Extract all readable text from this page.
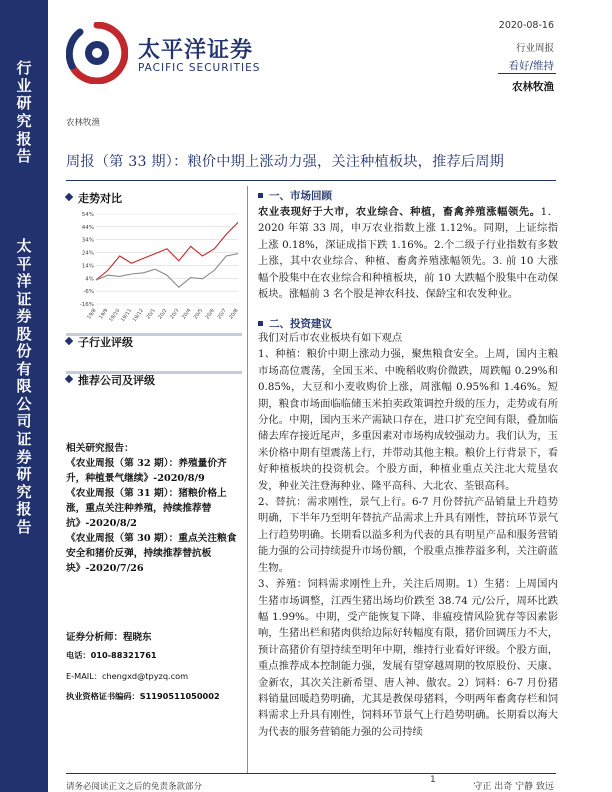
行
业
研
究
报
告
太
平
洋
证
券
股
份
有
限
公
司
证
券
研
究
报
告
太平洋证券
PACIFIC SECURITIES
2020-08-16
行业周报
看好/维持
农林牧渔
农林牧渔
周报（第 33 期）：粮价中期上涨动力强，关注种植板块，推荐后周期
走势对比
54%
44%
34%
24%
14%
4%
-6%
-16%
19/8 19/9
19/10
19/11
19/12 20/1 20/2 20/3 20/4 20/5 20/6 20/7 20/8
子行业评级
推荐公司及评级

相关研究报告：

《农业周报（第 32 期）：养殖量价齐升，种植景气继续》-2020/8/9

《农业周报（第 31 期）：猪粮价格上涨，重点关注种养殖，持续推荐替抗》-2020/8/2

《农业周报（第 30 期）：重点关注粮食安全和猪价反弹，持续推荐替抗板块》-2020/7/26

证券分析师：程晓东
电话：010-88321761
E-MAIL：chengxd@tpyzq.com
执业资格证书编码：S1190511050002
一、市场回顾

农业表现好于大市，农业综合、种植，畜禽养殖涨幅领先。1．2020 年第 33 周，申万农业指数上涨 1.12%。同期，上证综指上涨 0.18%，深证成指下跌 1.16%。2.个二级子行业指数有多数上涨，其中农业综合、种植、畜禽养殖涨幅领先。3. 前 10 大涨幅个股集中在农业综合和种植板块，前 10 大跌幅个股集中在动保板块。涨幅前 3 名个股是神农科技、保龄宝和农发种业。

二、投资建议

我们对后市农业板块有如下观点

1、种植：粮价中期上涨动力强，聚焦粮食安全。上周，国内主粮市场高位震荡，全国玉米、中晚稻收购价微跌，周跌幅 0.29%和 0.85%，大豆和小麦收购价上涨，周涨幅 0.95%和 1.46%。短期，粮食市场面临临储玉米拍卖政策调控升级的压力，走势或有所分化。中期，国内玉米产需缺口存在，进口扩充空间有限，叠加临储去库存接近尾声，多重因素对市场构成较强动力。我们认为，玉米价格中期有望震荡上行，并带动其他主粮。粮价上行背景下，看好种植板块的投资机会。个股方面，种植业重点关注北大荒垦农发，种业关注登海种业、隆平高科、大北农、荃银高科。

2、替抗：需求刚性，景气上行。6-7 月份替抗产品销量上升趋势明确，下半年乃至明年替抗产品需求上升具有刚性，替抗环节景气上行趋势明确。长期看以溢多利为代表的具有明星产品和服务营销能力强的公司持续提升市场份额，个股重点推荐溢多利，关注蔚蓝生物。

3、养殖：饲料需求刚性上升，关注后周期。1）生猪：上周国内生猪市场调整，江西生猪出场均价跌至 38.74 元/公斤，周环比跌幅 1.99%。中期，受产能恢复下降、非瘟疫情风险犹存等因素影响，生猪出栏和猪肉供给边际好转幅度有限，猪价回调压力不大，预计高猪价有望持续至明年中期，维持行业看好评级。个股方面，重点推荐成本控制能力强，发展有望穿越周期的牧原股份、天康、金新农，其次关注新希望、唐人神、傲农。2）饲料：6-7 月份猪料销量回暖趋势明确，尤其是教保母猪料，今明两年畜禽存栏和饲料需求上升具有刚性，饲料环节景气上行趋势明确。长期看以海大为代表的服务营销能力强的公司持续

请务必阅读正文之后的免责条款部分
1
守正 出奇 宁静 致远
